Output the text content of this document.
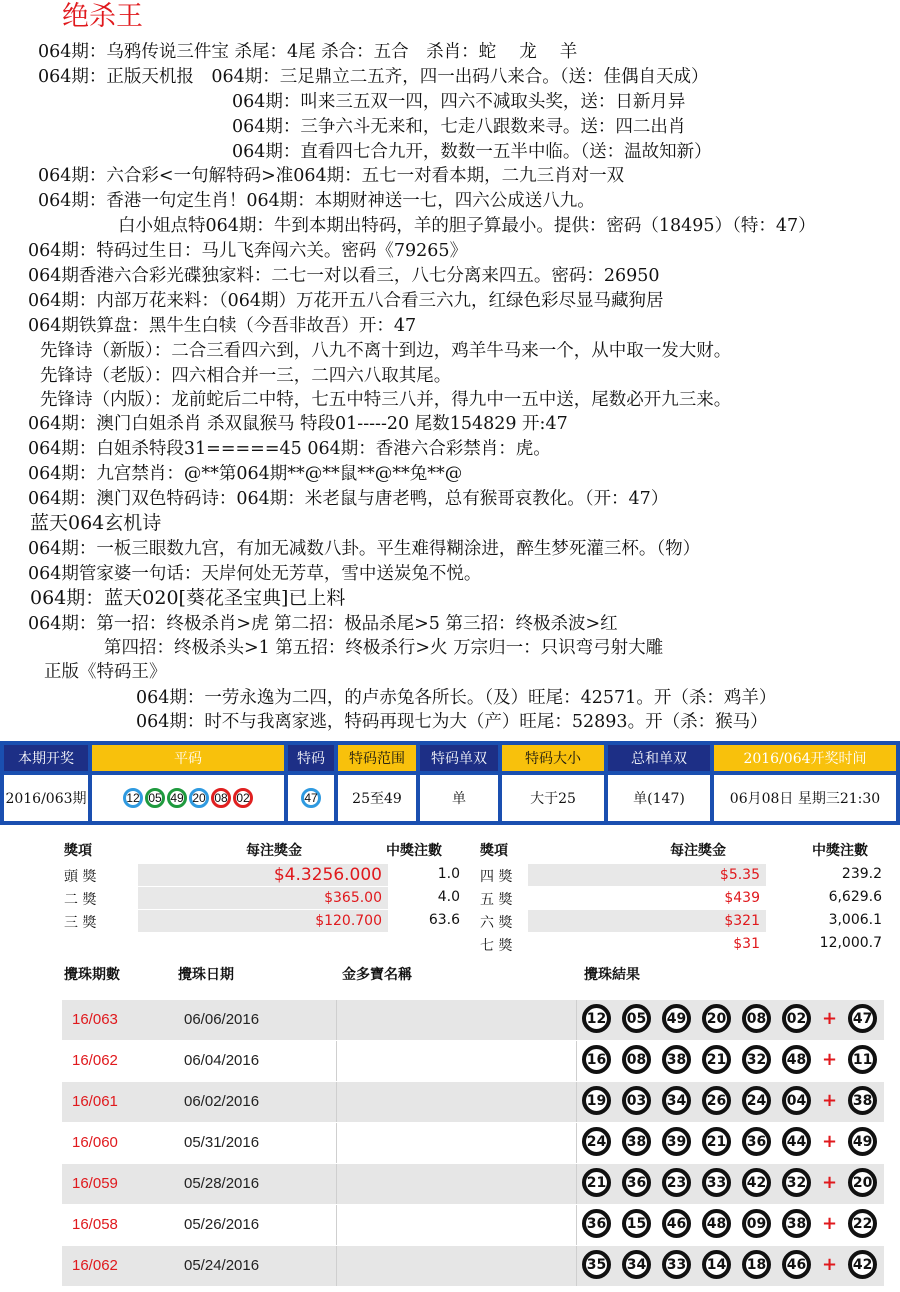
绝杀王
064期：乌鸦传说三件宝 杀尾：4尾 杀合：五合　杀肖：蛇　 龙　 羊
064期：正版天机报　064期：三足鼎立二五齐，四一出码八来合。（送：佳偶自天成）
064期：叫来三五双一四，四六不减取头奖，送：日新月异
064期：三争六斗无来和，七走八跟数来寻。送：四二出肖
064期：直看四七合九开，数数一五半中临。（送：温故知新）
064期：六合彩<一句解特码>准064期：五七一对看本期，二九三肖对一双
064期：香港一句定生肖！064期：本期财神送一七，四六公成送八九。
白小姐点特064期：牛到本期出特码，羊的胆子算最小。提供：密码（18495）（特：47）
064期：特码过生日：马儿飞奔闯六关。密码《79265》
064期香港六合彩光碟独家料：二七一对以看三，八七分离来四五。密码：26950
064期：内部万花来料：（064期）万花开五八合看三六九，红绿色彩尽显马藏狗居
064期铁算盘：黑牛生白犊（今吾非故吾）开：47
先锋诗（新版）：二合三看四六到，八九不离十到边，鸡羊牛马来一个，从中取一发大财。
先锋诗（老版）：四六相合并一三，二四六八取其尾。
先锋诗（内版）：龙前蛇后二中特，七五中特三八并，得九中一五中送，尾数必开九三来。
064期：澳门白姐杀肖 杀双鼠猴马 特段01-----20 尾数154829 开:47
064期：白姐杀特段31=====45 064期：香港六合彩禁肖：虎。
064期：九宫禁肖：@**第064期**@**鼠**@**兔**@
064期：澳门双色特码诗：064期：米老鼠与唐老鸭，总有猴哥哀教化。（开：47）
蓝天064玄机诗
064期：一板三眼数九宫，有加无减数八卦。平生难得糊涂进，醉生梦死灌三杯。（物）
064期管家婆一句话：天岸何处无芳草，雪中送炭兔不悦。
064期：蓝天020[葵花圣宝典]已上料
064期：第一招：终极杀肖>虎 第二招：极品杀尾>5 第三招：终极杀波>红
第四招：终极杀头>1 第五招：终极杀行>火 万宗归一：只识弯弓射大雕
正版《特码王》
064期：一劳永逸为二四，的卢赤兔各所长。（及）旺尾：42571。开（杀：鸡羊）
064期：时不与我离家逃，特码再现七为大（产）旺尾：52893。开（杀：猴马）
本期开奖	平码	特码	特码范围	特码单双	特码大小	总和单双	2016/064开奖时间
2016/063期	12 05 49 20 08 02	47	25至49	单	大于25	单(147)	06月08日 星期三21:30
獎項	每注獎金	中獎注數	獎項	每注獎金	中獎注數
頭 獎	$4.3256.000	1.0
二 獎	$365.00	4.0
三 獎	$120.700	63.6
四 獎	$5.35	239.2
五 獎	$439	6,629.6
六 獎	$321	3,006.1
七 獎	$31	12,000.7
攪珠期數	攪珠日期	金多寶名稱	攪珠結果
16/063	06/06/2016	12	05	49	20	08	02 +	47
16/062	06/04/2016	16	08	38	21	32	48 +	11
16/061	06/02/2016	19	03	34	26	24	04 +	38
16/060	05/31/2016	24	38	39	21	36	44 +	49
16/059	05/28/2016	21	36	23	33	42	32 +	20
16/058	05/26/2016	36	15	46	48	09	38 +	22
16/062	05/24/2016	35	34	33	14	18	46 +	42
